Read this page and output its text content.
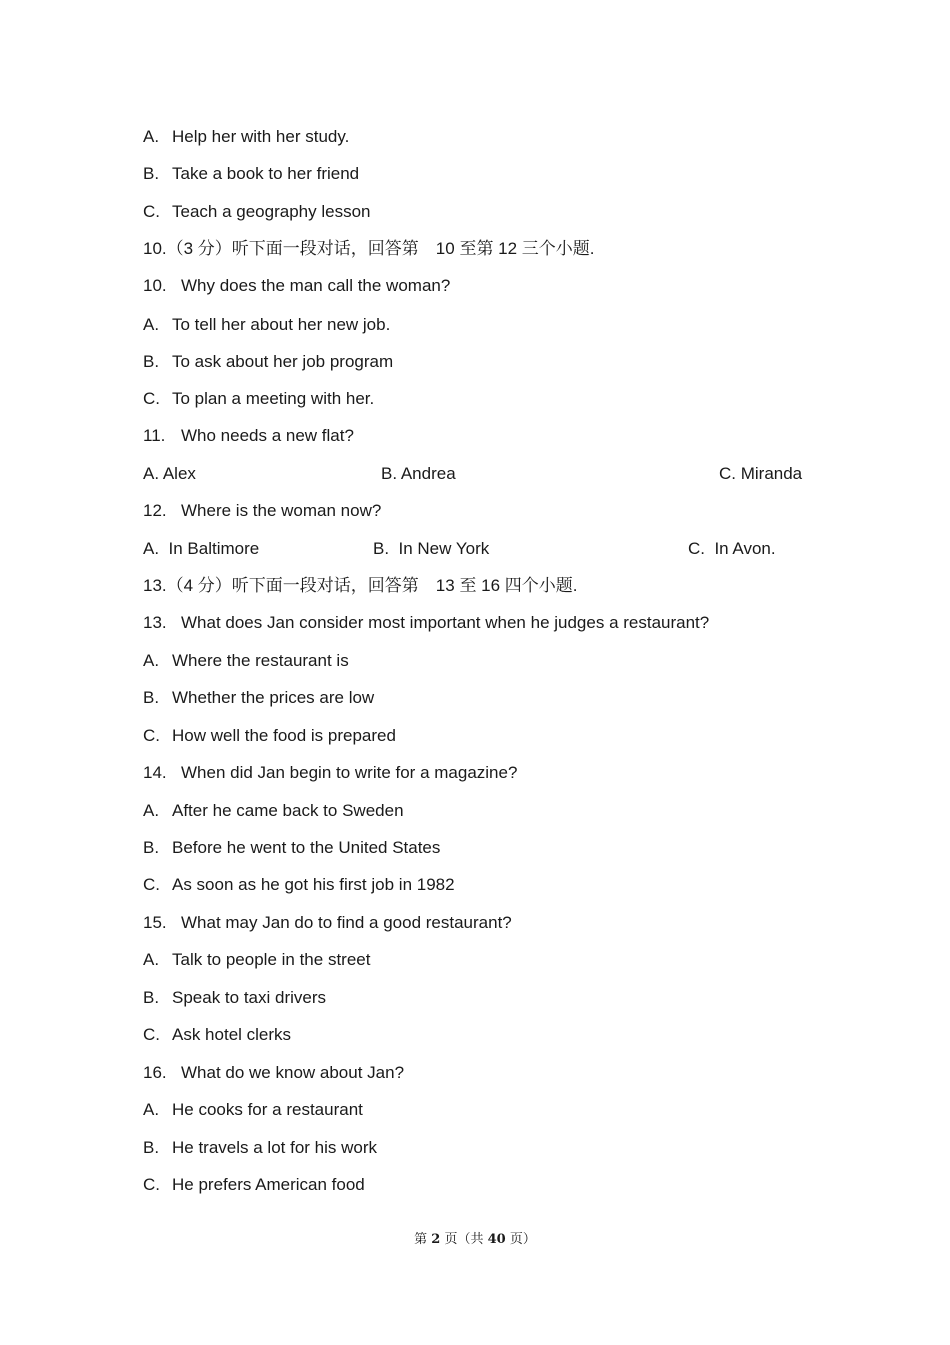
A. Help her with her study.
B. Take a book to her friend
C. Teach a geography lesson
10.（3 分）听下面一段对话，回答第　10 至第 12 三个小题.
10. Why does the man call the woman?
A. To tell her about her new job.
B. To ask about her job program
C. To plan a meeting with her.
11. Who needs a new flat?
A. Alex	B. Andrea	C. Miranda
12. Where is the woman now?
A.  In Baltimore	B.  In New York	C.  In Avon.
13.（4 分）听下面一段对话，回答第　13 至 16 四个小题.
13. What does Jan consider most important when he judges a restaurant?
A. Where the restaurant is
B. Whether the prices are low
C. How well the food is prepared
14. When did Jan begin to write for a magazine?
A. After he came back to Sweden
B. Before he went to the United States
C. As soon as he got his first job in 1982
15. What may Jan do to find a good restaurant?
A. Talk to people in the street
B. Speak to taxi drivers
C. Ask hotel clerks
16. What do we know about Jan?
A. He cooks for a restaurant
B. He travels a lot for his work
C. He prefers American food
第 2 页（共 40 页）
